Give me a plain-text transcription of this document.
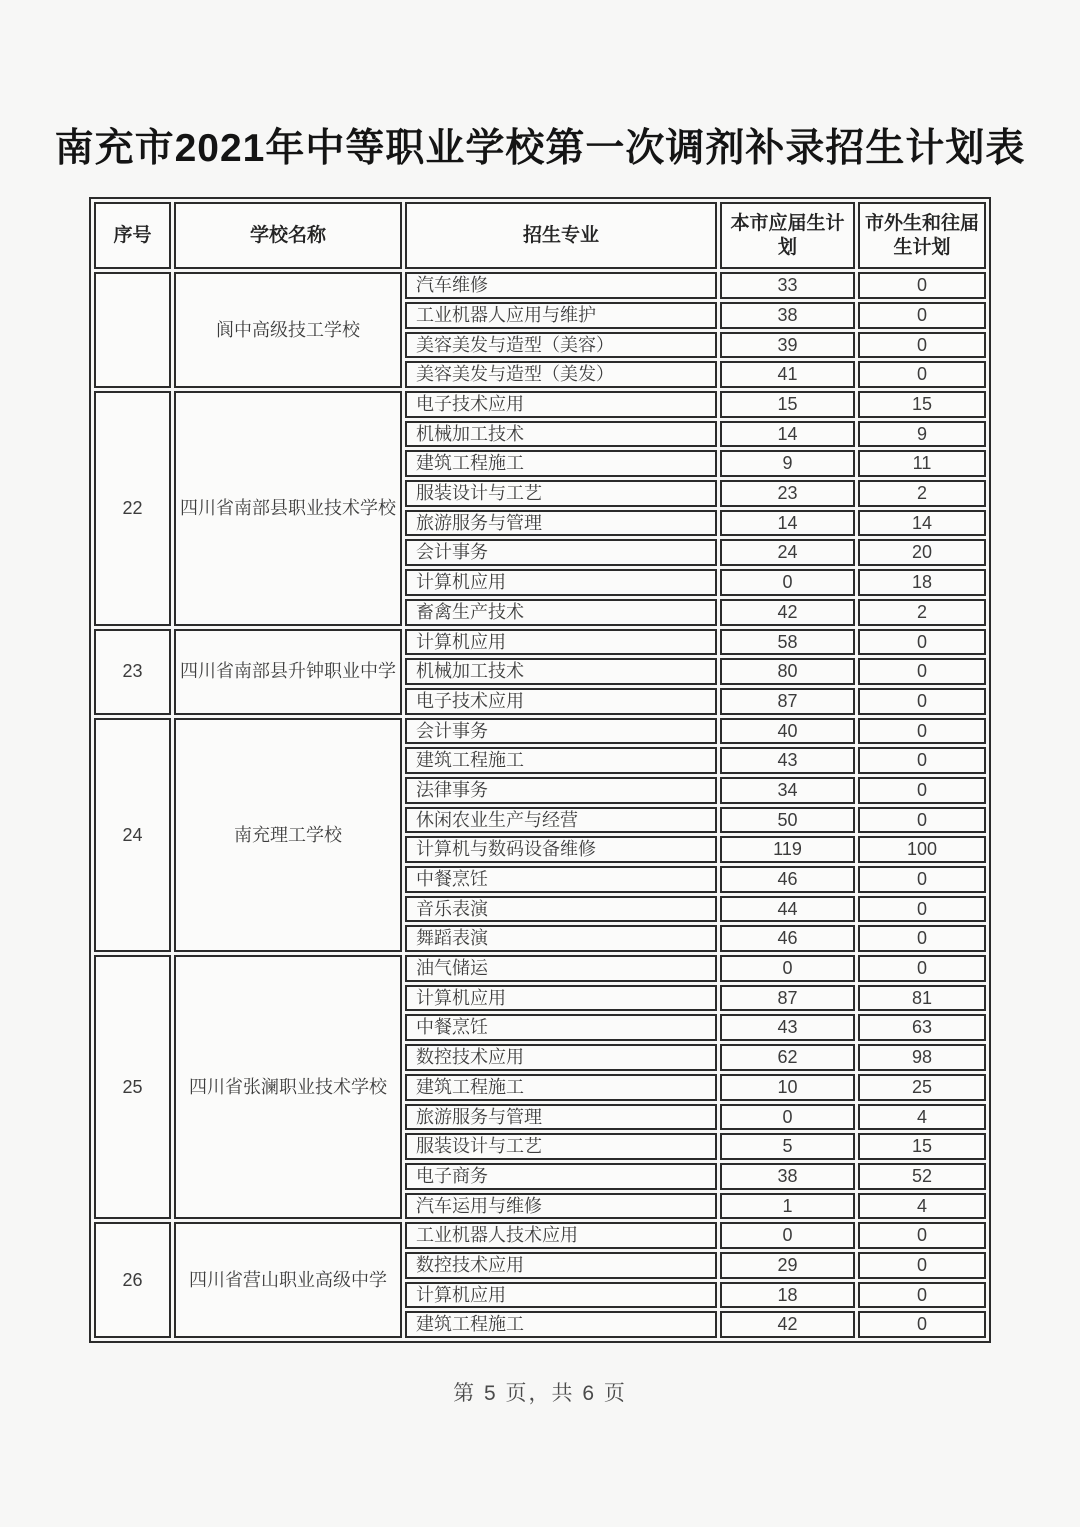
南充市2021年中等职业学校第一次调剂补录招生计划表
序号	学校名称	招生专业	本市应届生计划	市外生和往届生计划
	阆中高级技工学校	汽车维修	33	0
		工业机器人应用与维护	38	0
		美容美发与造型（美容）	39	0
		美容美发与造型（美发）	41	0
22	四川省南部县职业技术学校	电子技术应用	15	15
		机械加工技术	14	9
		建筑工程施工	9	11
		服装设计与工艺	23	2
		旅游服务与管理	14	14
		会计事务	24	20
		计算机应用	0	18
		畜禽生产技术	42	2
23	四川省南部县升钟职业中学	计算机应用	58	0
		机械加工技术	80	0
		电子技术应用	87	0
24	南充理工学校	会计事务	40	0
		建筑工程施工	43	0
		法律事务	34	0
		休闲农业生产与经营	50	0
		计算机与数码设备维修	119	100
		中餐烹饪	46	0
		音乐表演	44	0
		舞蹈表演	46	0
25	四川省张澜职业技术学校	油气储运	0	0
		计算机应用	87	81
		中餐烹饪	43	63
		数控技术应用	62	98
		建筑工程施工	10	25
		旅游服务与管理	0	4
		服装设计与工艺	5	15
		电子商务	38	52
		汽车运用与维修	1	4
26	四川省营山职业高级中学	工业机器人技术应用	0	0
		数控技术应用	29	0
		计算机应用	18	0
		建筑工程施工	42	0
第 5 页，共 6 页
